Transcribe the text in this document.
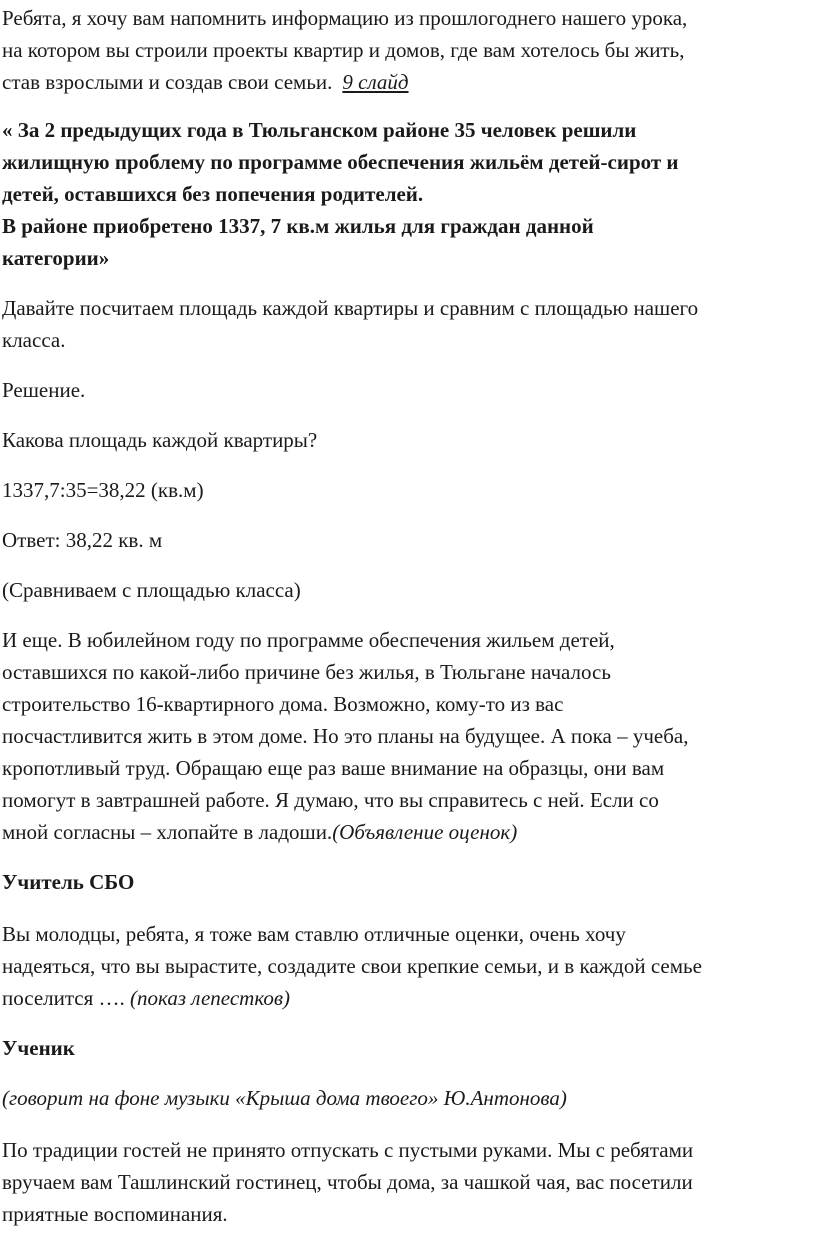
Ребята, я хочу вам напомнить информацию из прошлогоднего нашего урока,
на котором вы строили проекты квартир и домов, где вам хотелось бы жить,
став взрослыми и создав свои семьи. 9 слайд

« За 2 предыдущих года в Тюльганском районе 35 человек решили
жилищную проблему по программе обеспечения жильём детей-сирот и
детей, оставшихся без попечения родителей.
В районе приобретено 1337, 7 кв.м жилья для граждан данной
категории»

Давайте посчитаем площадь каждой квартиры и сравним с площадью нашего
класса.

Решение.

Какова площадь каждой квартиры?

1337,7:35=38,22 (кв.м)

Ответ: 38,22 кв. м

(Сравниваем с площадью класса)

И еще. В юбилейном году по программе обеспечения жильем детей,
оставшихся по какой-либо причине без жилья, в Тюльгане началось
строительство 16-квартирного дома. Возможно, кому-то из вас
посчастливится жить в этом доме. Но это планы на будущее. А пока – учеба,
кропотливый труд. Обращаю еще раз ваше внимание на образцы, они вам
помогут в завтрашней работе. Я думаю, что вы справитесь с ней. Если со
мной согласны – хлопайте в ладоши.(Объявление оценок)

Учитель СБО

Вы молодцы, ребята, я тоже вам ставлю отличные оценки, очень хочу
надеяться, что вы вырастите, создадите свои крепкие семьи, и в каждой семье
поселится …. (показ лепестков)

Ученик

(говорит на фоне музыки «Крыша дома твоего» Ю.Антонова)

По традиции гостей не принято отпускать с пустыми руками. Мы с ребятами
вручаем вам Ташлинский гостинец, чтобы дома, за чашкой чая, вас посетили
приятные воспоминания.
